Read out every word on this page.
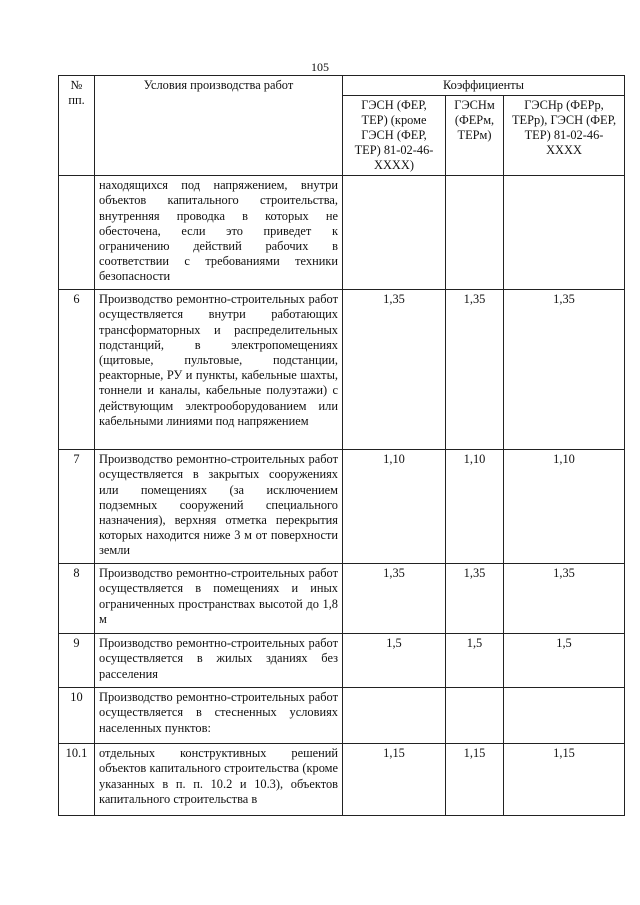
105
№ пп.	Условия производства работ	Коэффициенты		
		ГЭСН (ФЕР, ТЕР) (кроме ГЭСН (ФЕР, ТЕР) 81-02-46-ХХХХ)	ГЭСНм (ФЕРм, ТЕРм)	ГЭСНр (ФЕРр, ТЕРр), ГЭСН (ФЕР, ТЕР) 81-02-46-ХХХХ
	находящихся под напряжением, внутри объектов капитального строительства, внутренняя проводка в которых не обесточена, если это приведет к ограничению действий рабочих в соответствии с требованиями техники безопасности			
6	Производство ремонтно-строительных работ осуществляется внутри работающих трансформаторных и распределительных подстанций, в электропомещениях (щитовые, пультовые, подстанции, реакторные, РУ и пункты, кабельные шахты, тоннели и каналы, кабельные полуэтажи) с действующим электрооборудованием или кабельными линиями под напряжением	1,35	1,35	1,35
7	Производство ремонтно-строительных работ осуществляется в закрытых сооружениях или помещениях (за исключением подземных сооружений специального назначения), верхняя отметка перекрытия которых находится ниже 3 м от поверхности земли	1,10	1,10	1,10
8	Производство ремонтно-строительных работ осуществляется в помещениях и иных ограниченных пространствах высотой до 1,8 м	1,35	1,35	1,35
9	Производство ремонтно-строительных работ осуществляется в жилых зданиях без расселения	1,5	1,5	1,5
10	Производство ремонтно-строительных работ осуществляется в стесненных условиях населенных пунктов:			
10.1	отдельных конструктивных решений объектов капитального строительства (кроме указанных в п. п. 10.2 и 10.3), объектов капитального строительства в	1,15	1,15	1,15
